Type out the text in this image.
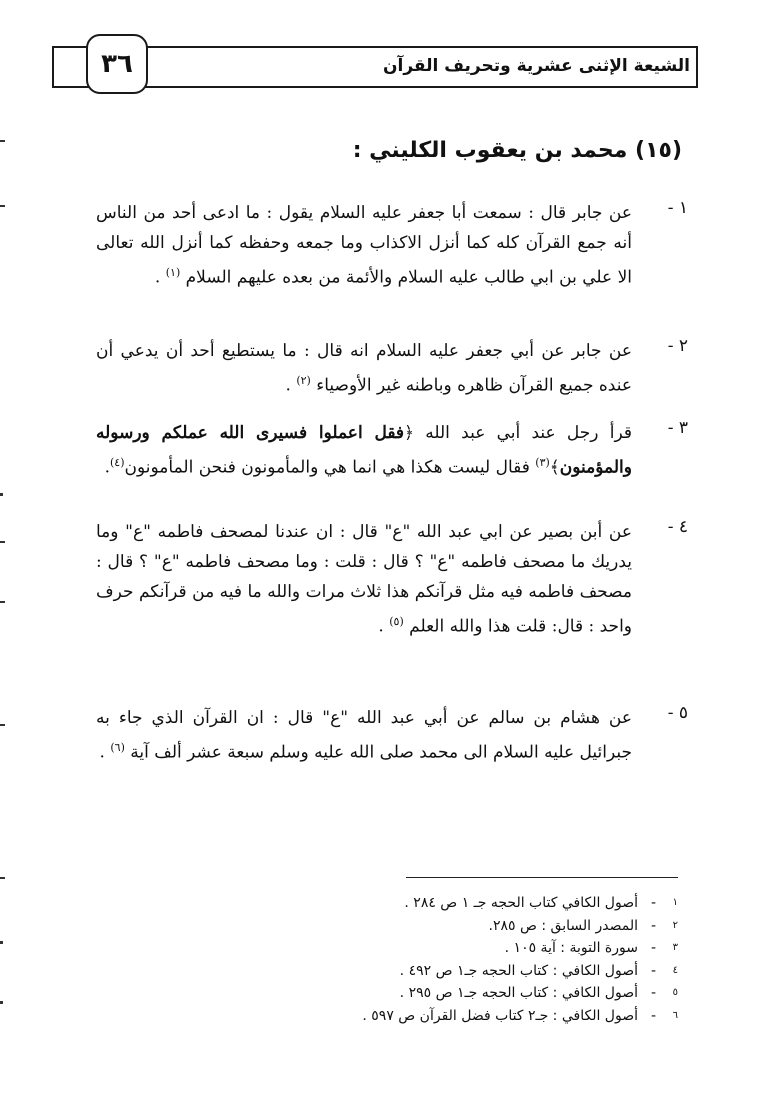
الشيعة الإثنى عشرية وتحريف القرآن
٣٦
(١٥) محمد بن يعقوب الكليني :
١ -
عن جابر قال : سمعت أبا جعفر عليه السلام يقول : ما ادعى أحد من الناس أنه جمع القرآن كله كما أنزل الاكذاب وما جمعه وحفظه كما أنزل الله تعالى الا علي بن ابي طالب عليه السلام والأئمة من بعده عليهم السلام $^{(١)}$ .
٢ -
عن جابر عن أبي جعفر عليه السلام انه قال : ما يستطيع أحد أن يدعي أن عنده جميع القرآن ظاهره وباطنه غير الأوصياء $^{(٢)}$ .
٣ -
قرأ رجل عند أبي عبد الله ﴿فقل اعملوا فسيرى الله عملكم ورسوله والمؤمنون﴾$^{(٣)}$ فقال ليست هكذا هي انما هي والمأمونون فنحن المأمونون$^{(٤)}$.
٤ -
عن أبن بصير عن ابي عبد الله "ع" قال : ان عندنا لمصحف فاطمه "ع" وما يدريك ما مصحف فاطمه "ع" ؟ قال : قلت : وما مصحف فاطمه "ع" ؟ قال : مصحف فاطمه فيه مثل قرآنكم هذا ثلاث مرات والله ما فيه من قرآنكم حرف واحد : قال: قلت هذا والله العلم $^{(٥)}$ .
٥ -
عن هشام بن سالم عن أبي عبد الله "ع" قال : ان القرآن الذي جاء به جبرائيل عليه السلام الى محمد صلى الله عليه وسلم سبعة عشر ألف آية $^{(٦)}$ .
١-أصول الكافي كتاب الحجه جـ ١ ص ٢٨٤ .
٢-المصدر السابق : ص ٢٨٥.
٣-سورة التوبة : آية ١٠٥ .
٤-أصول الكافي : كتاب الحجه جـ١ ص ٤٩٢ .
٥-أصول الكافي : كتاب الحجه جـ١ ص ٢٩٥ .
٦-أصول الكافي : جـ٢ كتاب فضل القرآن ص ٥٩٧ .
